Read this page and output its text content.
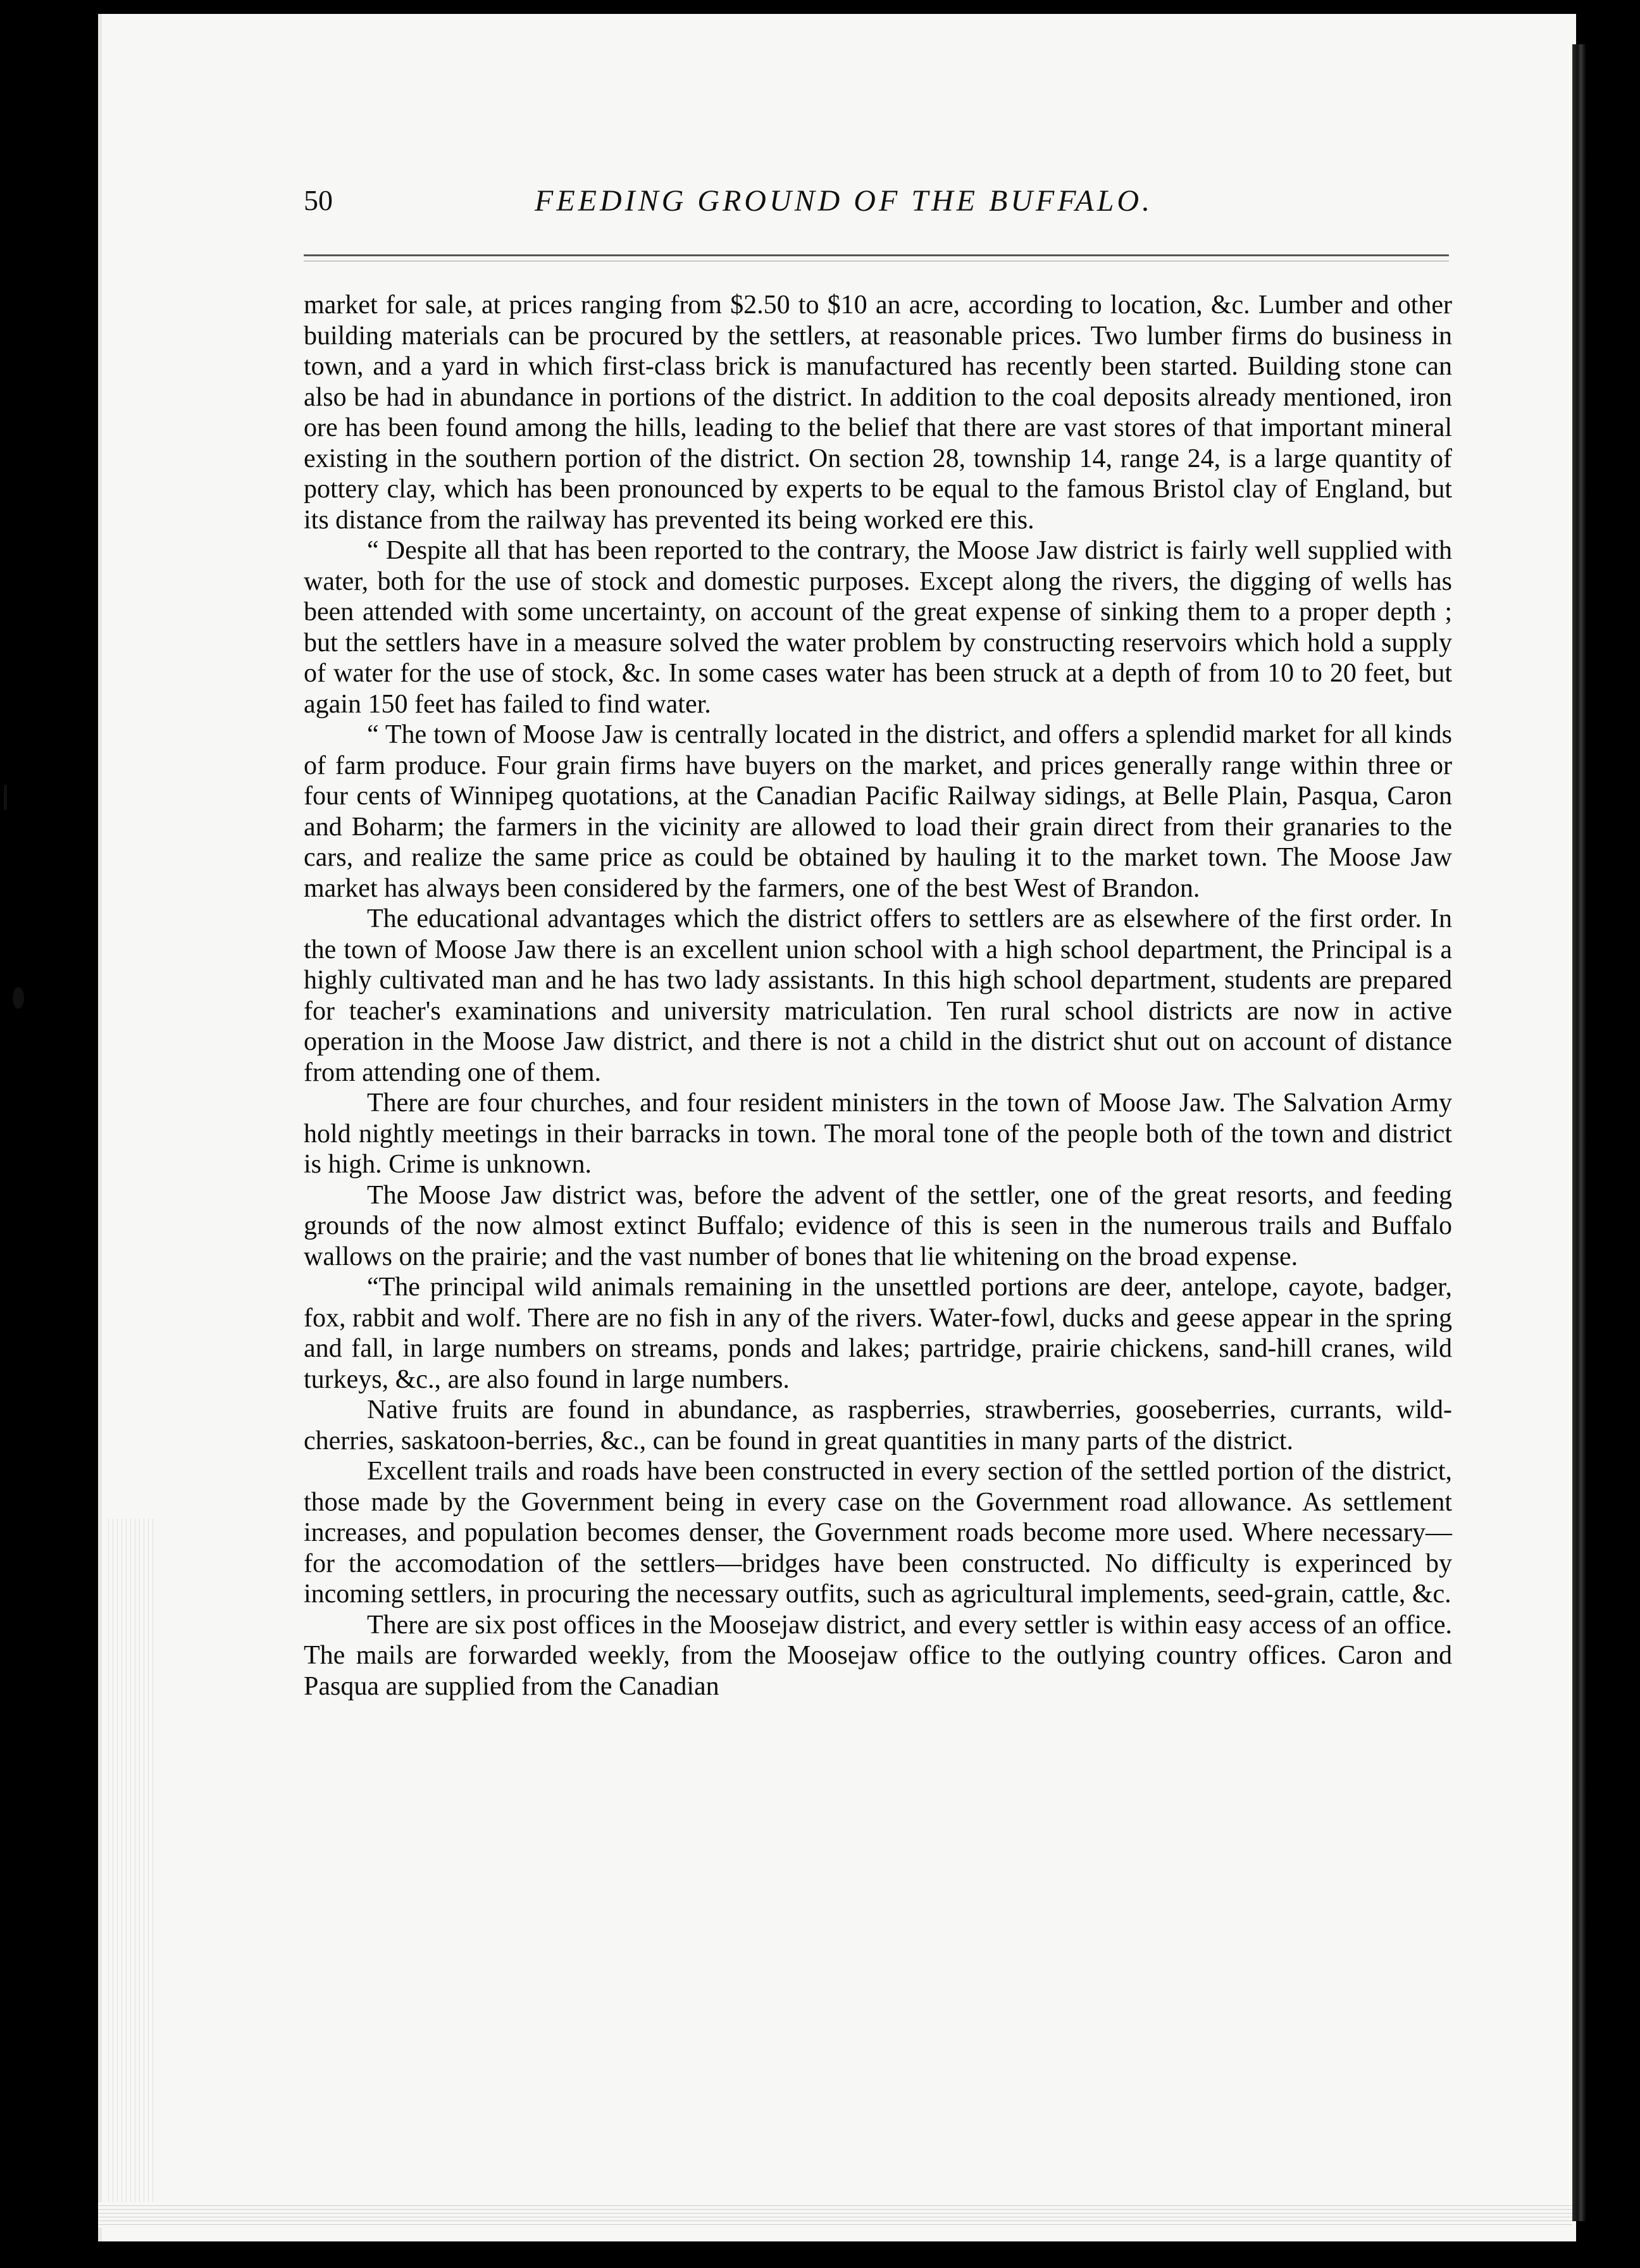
50	FEEDING GROUND OF THE BUFFALO.

market for sale, at prices ranging from $2.50 to $10 an acre, according to location, &c. Lumber and other building materials can be procured by the settlers, at reasonable prices. Two lumber firms do business in town, and a yard in which first-class brick is manufactured has recently been started. Building stone can also be had in abundance in portions of the district. In addition to the coal deposits already mentioned, iron ore has been found among the hills, leading to the belief that there are vast stores of that important mineral existing in the southern portion of the district. On section 28, township 14, range 24, is a large quantity of pottery clay, which has been pronounced by experts to be equal to the famous Bristol clay of England, but its distance from the railway has prevented its being worked ere this.

“ Despite all that has been reported to the contrary, the Moose Jaw district is fairly well supplied with water, both for the use of stock and domestic purposes. Except along the rivers, the digging of wells has been attended with some uncertainty, on account of the great expense of sinking them to a proper depth ; but the settlers have in a measure solved the water problem by constructing reservoirs which hold a supply of water for the use of stock, &c. In some cases water has been struck at a depth of from 10 to 20 feet, but again 150 feet has failed to find water.

“ The town of Moose Jaw is centrally located in the district, and offers a splendid market for all kinds of farm produce. Four grain firms have buyers on the market, and prices generally range within three or four cents of Winnipeg quotations, at the Canadian Pacific Railway sidings, at Belle Plain, Pasqua, Caron and Boharm; the farmers in the vicinity are allowed to load their grain direct from their granaries to the cars, and realize the same price as could be obtained by hauling it to the market town. The Moose Jaw market has always been considered by the farmers, one of the best West of Brandon.

The educational advantages which the district offers to settlers are as elsewhere of the first order. In the town of Moose Jaw there is an excellent union school with a high school department, the Principal is a highly cultivated man and he has two lady assistants. In this high school department, students are prepared for teacher's examinations and university matriculation. Ten rural school districts are now in active operation in the Moose Jaw district, and there is not a child in the district shut out on account of distance from attending one of them.

There are four churches, and four resident ministers in the town of Moose Jaw. The Salvation Army hold nightly meetings in their barracks in town. The moral tone of the people both of the town and district is high. Crime is unknown.

The Moose Jaw district was, before the advent of the settler, one of the great resorts, and feeding grounds of the now almost extinct Buffalo; evidence of this is seen in the numerous trails and Buffalo wallows on the prairie; and the vast number of bones that lie whitening on the broad expense.

“The principal wild animals remaining in the unsettled portions are deer, antelope, cayote, badger, fox, rabbit and wolf. There are no fish in any of the rivers. Water-fowl, ducks and geese appear in the spring and fall, in large numbers on streams, ponds and lakes; partridge, prairie chickens, sand-hill cranes, wild turkeys, &c., are also found in large numbers.

Native fruits are found in abundance, as raspberries, strawberries, gooseberries, currants, wild-cherries, saskatoon-berries, &c., can be found in great quantities in many parts of the district.

Excellent trails and roads have been constructed in every section of the settled portion of the district, those made by the Government being in every case on the Government road allowance. As settlement increases, and population becomes denser, the Government roads become more used. Where necessary—for the accomodation of the settlers—bridges have been constructed. No difficulty is experinced by incoming settlers, in procuring the necessary outfits, such as agricultural implements, seed-grain, cattle, &c.

There are six post offices in the Moosejaw district, and every settler is within easy access of an office. The mails are forwarded weekly, from the Moosejaw office to the outlying country offices. Caron and Pasqua are supplied from the Canadian
